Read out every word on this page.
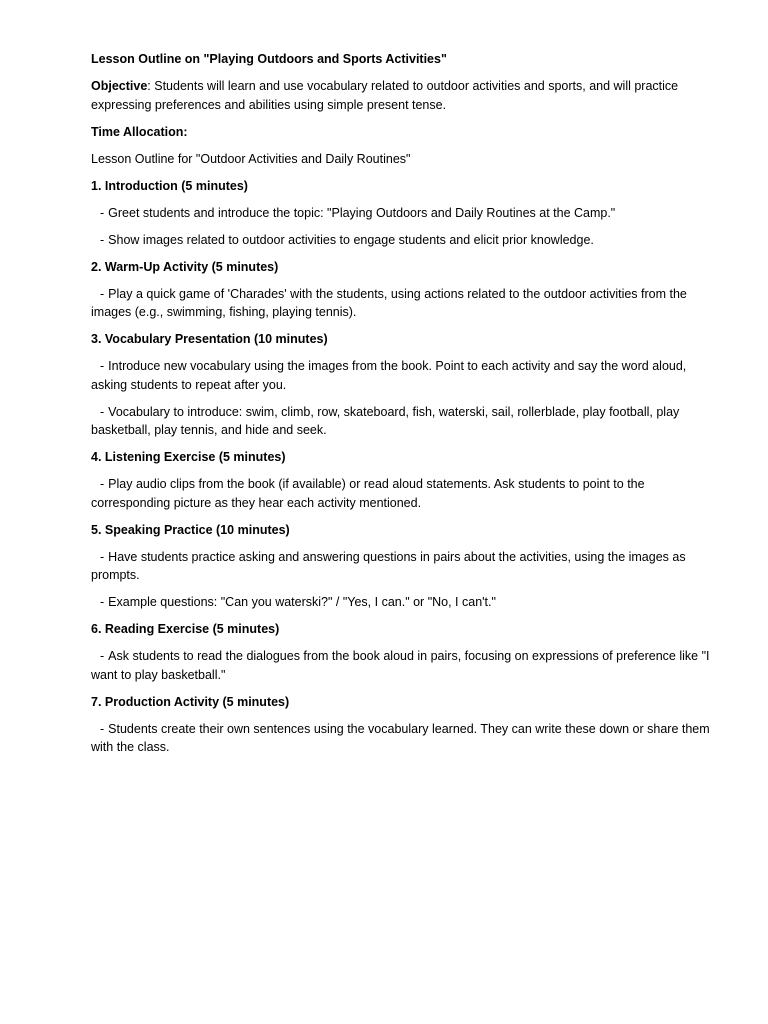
Lesson Outline on "Playing Outdoors and Sports Activities"

Objective: Students will learn and use vocabulary related to outdoor activities and sports, and will practice expressing preferences and abilities using simple present tense.

Time Allocation:

Lesson Outline for "Outdoor Activities and Daily Routines"

1. Introduction (5 minutes)

- Greet students and introduce the topic: "Playing Outdoors and Daily Routines at the Camp."

- Show images related to outdoor activities to engage students and elicit prior knowledge.

2. Warm-Up Activity (5 minutes)

- Play a quick game of 'Charades' with the students, using actions related to the outdoor activities from the images (e.g., swimming, fishing, playing tennis).

3. Vocabulary Presentation (10 minutes)

- Introduce new vocabulary using the images from the book. Point to each activity and say the word aloud, asking students to repeat after you.

- Vocabulary to introduce: swim, climb, row, skateboard, fish, waterski, sail, rollerblade, play football, play basketball, play tennis, and hide and seek.

4. Listening Exercise (5 minutes)

- Play audio clips from the book (if available) or read aloud statements. Ask students to point to the corresponding picture as they hear each activity mentioned.

5. Speaking Practice (10 minutes)

- Have students practice asking and answering questions in pairs about the activities, using the images as prompts.

- Example questions: "Can you waterski?" / "Yes, I can." or "No, I can't."

6. Reading Exercise (5 minutes)

- Ask students to read the dialogues from the book aloud in pairs, focusing on expressions of preference like "I want to play basketball."

7. Production Activity (5 minutes)

- Students create their own sentences using the vocabulary learned. They can write these down or share them with the class.
